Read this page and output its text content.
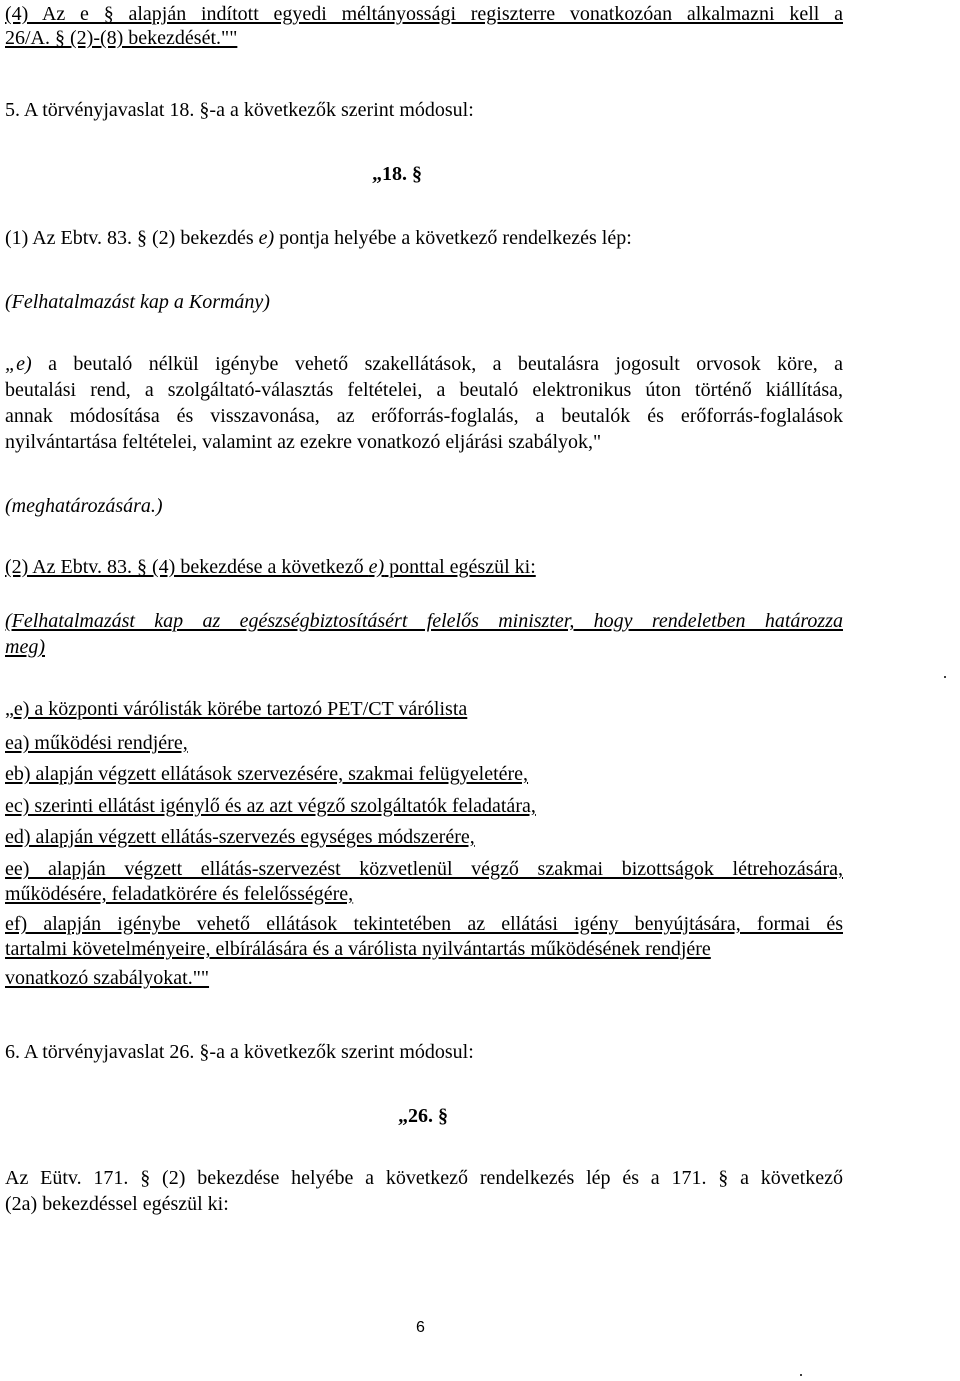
(4) Az e § alapján indított egyedi méltányossági regiszterre vonatkozóan alkalmazni kell a
26/A. § (2)-(8) bekezdését.""
5. A törvényjavaslat 18. §-a a következők szerint módosul:
„18. §
(1) Az Ebtv. 83. § (2) bekezdés e) pontja helyébe a következő rendelkezés lép:
(Felhatalmazást kap a Kormány)
„e) a beutaló nélkül igénybe vehető szakellátások, a beutalásra jogosult orvosok köre, a
beutalási rend, a szolgáltató-választás feltételei, a beutaló elektronikus úton történő kiállítása,
annak módosítása és visszavonása, az erőforrás-foglalás, a beutalók és erőforrás-foglalások
nyilvántartása feltételei, valamint az ezekre vonatkozó eljárási szabályok,"
(meghatározására.)
(2) Az Ebtv. 83. § (4) bekezdése a következő e) ponttal egészül ki:
(Felhatalmazást kap az egészségbiztosításért felelős miniszter, hogy rendeletben határozza
meg)
„e) a központi várólisták körébe tartozó PET/CT várólista
ea) működési rendjére,
eb) alapján végzett ellátások szervezésére, szakmai felügyeletére,
ec) szerinti ellátást igénylő és az azt végző szolgáltatók feladatára,
ed) alapján végzett ellátás-szervezés egységes módszerére,
ee) alapján végzett ellátás-szervezést közvetlenül végző szakmai bizottságok létrehozására,
működésére, feladatkörére és felelősségére,
ef) alapján igénybe vehető ellátások tekintetében az ellátási igény benyújtására, formai és
tartalmi követelményeire, elbírálására és a várólista nyilvántartás működésének rendjére
vonatkozó szabályokat.""
6. A törvényjavaslat 26. §-a a következők szerint módosul:
„26. §
Az Eütv. 171. § (2) bekezdése helyébe a következő rendelkezés lép és a 171. § a következő
(2a) bekezdéssel egészül ki:
6
